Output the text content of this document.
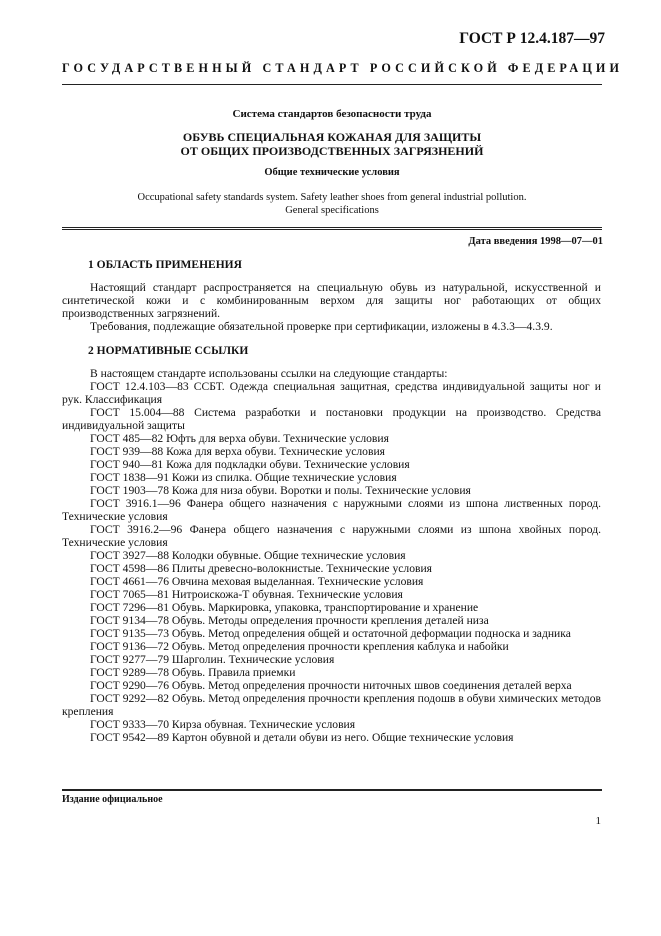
ГОСТ Р 12.4.187—97
ГОСУДАРСТВЕННЫЙ СТАНДАРТ РОССИЙСКОЙ ФЕДЕРАЦИИ
Система стандартов безопасности труда
ОБУВЬ СПЕЦИАЛЬНАЯ КОЖАНАЯ ДЛЯ ЗАЩИТЫ
ОТ ОБЩИХ ПРОИЗВОДСТВЕННЫХ ЗАГРЯЗНЕНИЙ
Общие технические условия
Occupational safety standards system. Safety leather shoes from general industrial pollution.
General specifications
Дата введения 1998—07—01
1 ОБЛАСТЬ ПРИМЕНЕНИЯ

Настоящий стандарт распространяется на специальную обувь из натуральной, искусственной и синтетической кожи и с комбинированным верхом для защиты ног работающих от общих производственных загрязнений.

Требования, подлежащие обязательной проверке при сертификации, изложены в 4.3.3—4.3.9.

2 НОРМАТИВНЫЕ ССЫЛКИ

В настоящем стандарте использованы ссылки на следующие стандарты:

ГОСТ 12.4.103—83 ССБТ. Одежда специальная защитная, средства индивидуальной защиты ног и рук. Классификация

ГОСТ 15.004—88 Система разработки и постановки продукции на производство. Средства индивидуальной защиты

ГОСТ 485—82 Юфть для верха обуви. Технические условия

ГОСТ 939—88 Кожа для верха обуви. Технические условия

ГОСТ 940—81 Кожа для подкладки обуви. Технические условия

ГОСТ 1838—91 Кожи из спилка. Общие технические условия

ГОСТ 1903—78 Кожа для низа обуви. Воротки и полы. Технические условия

ГОСТ 3916.1—96 Фанера общего назначения с наружными слоями из шпона лиственных пород. Технические условия

ГОСТ 3916.2—96 Фанера общего назначения с наружными слоями из шпона хвойных пород. Технические условия

ГОСТ 3927—88 Колодки обувные. Общие технические условия

ГОСТ 4598—86 Плиты древесно-волокнистые. Технические условия

ГОСТ 4661—76 Овчина меховая выделанная. Технические условия

ГОСТ 7065—81 Нитроискожа-Т обувная. Технические условия

ГОСТ 7296—81 Обувь. Маркировка, упаковка, транспортирование и хранение

ГОСТ 9134—78 Обувь. Методы определения прочности крепления деталей низа

ГОСТ 9135—73 Обувь. Метод определения общей и остаточной деформации подноска и задника

ГОСТ 9136—72 Обувь. Метод определения прочности крепления каблука и набойки

ГОСТ 9277—79 Шарголин. Технические условия

ГОСТ 9289—78 Обувь. Правила приемки

ГОСТ 9290—76 Обувь. Метод определения прочности ниточных швов соединения деталей верха

ГОСТ 9292—82 Обувь. Метод определения прочности крепления подошв в обуви химических методов крепления

ГОСТ 9333—70 Кирза обувная. Технические условия

ГОСТ 9542—89 Картон обувной и детали обуви из него. Общие технические условия

Издание официальное
1
